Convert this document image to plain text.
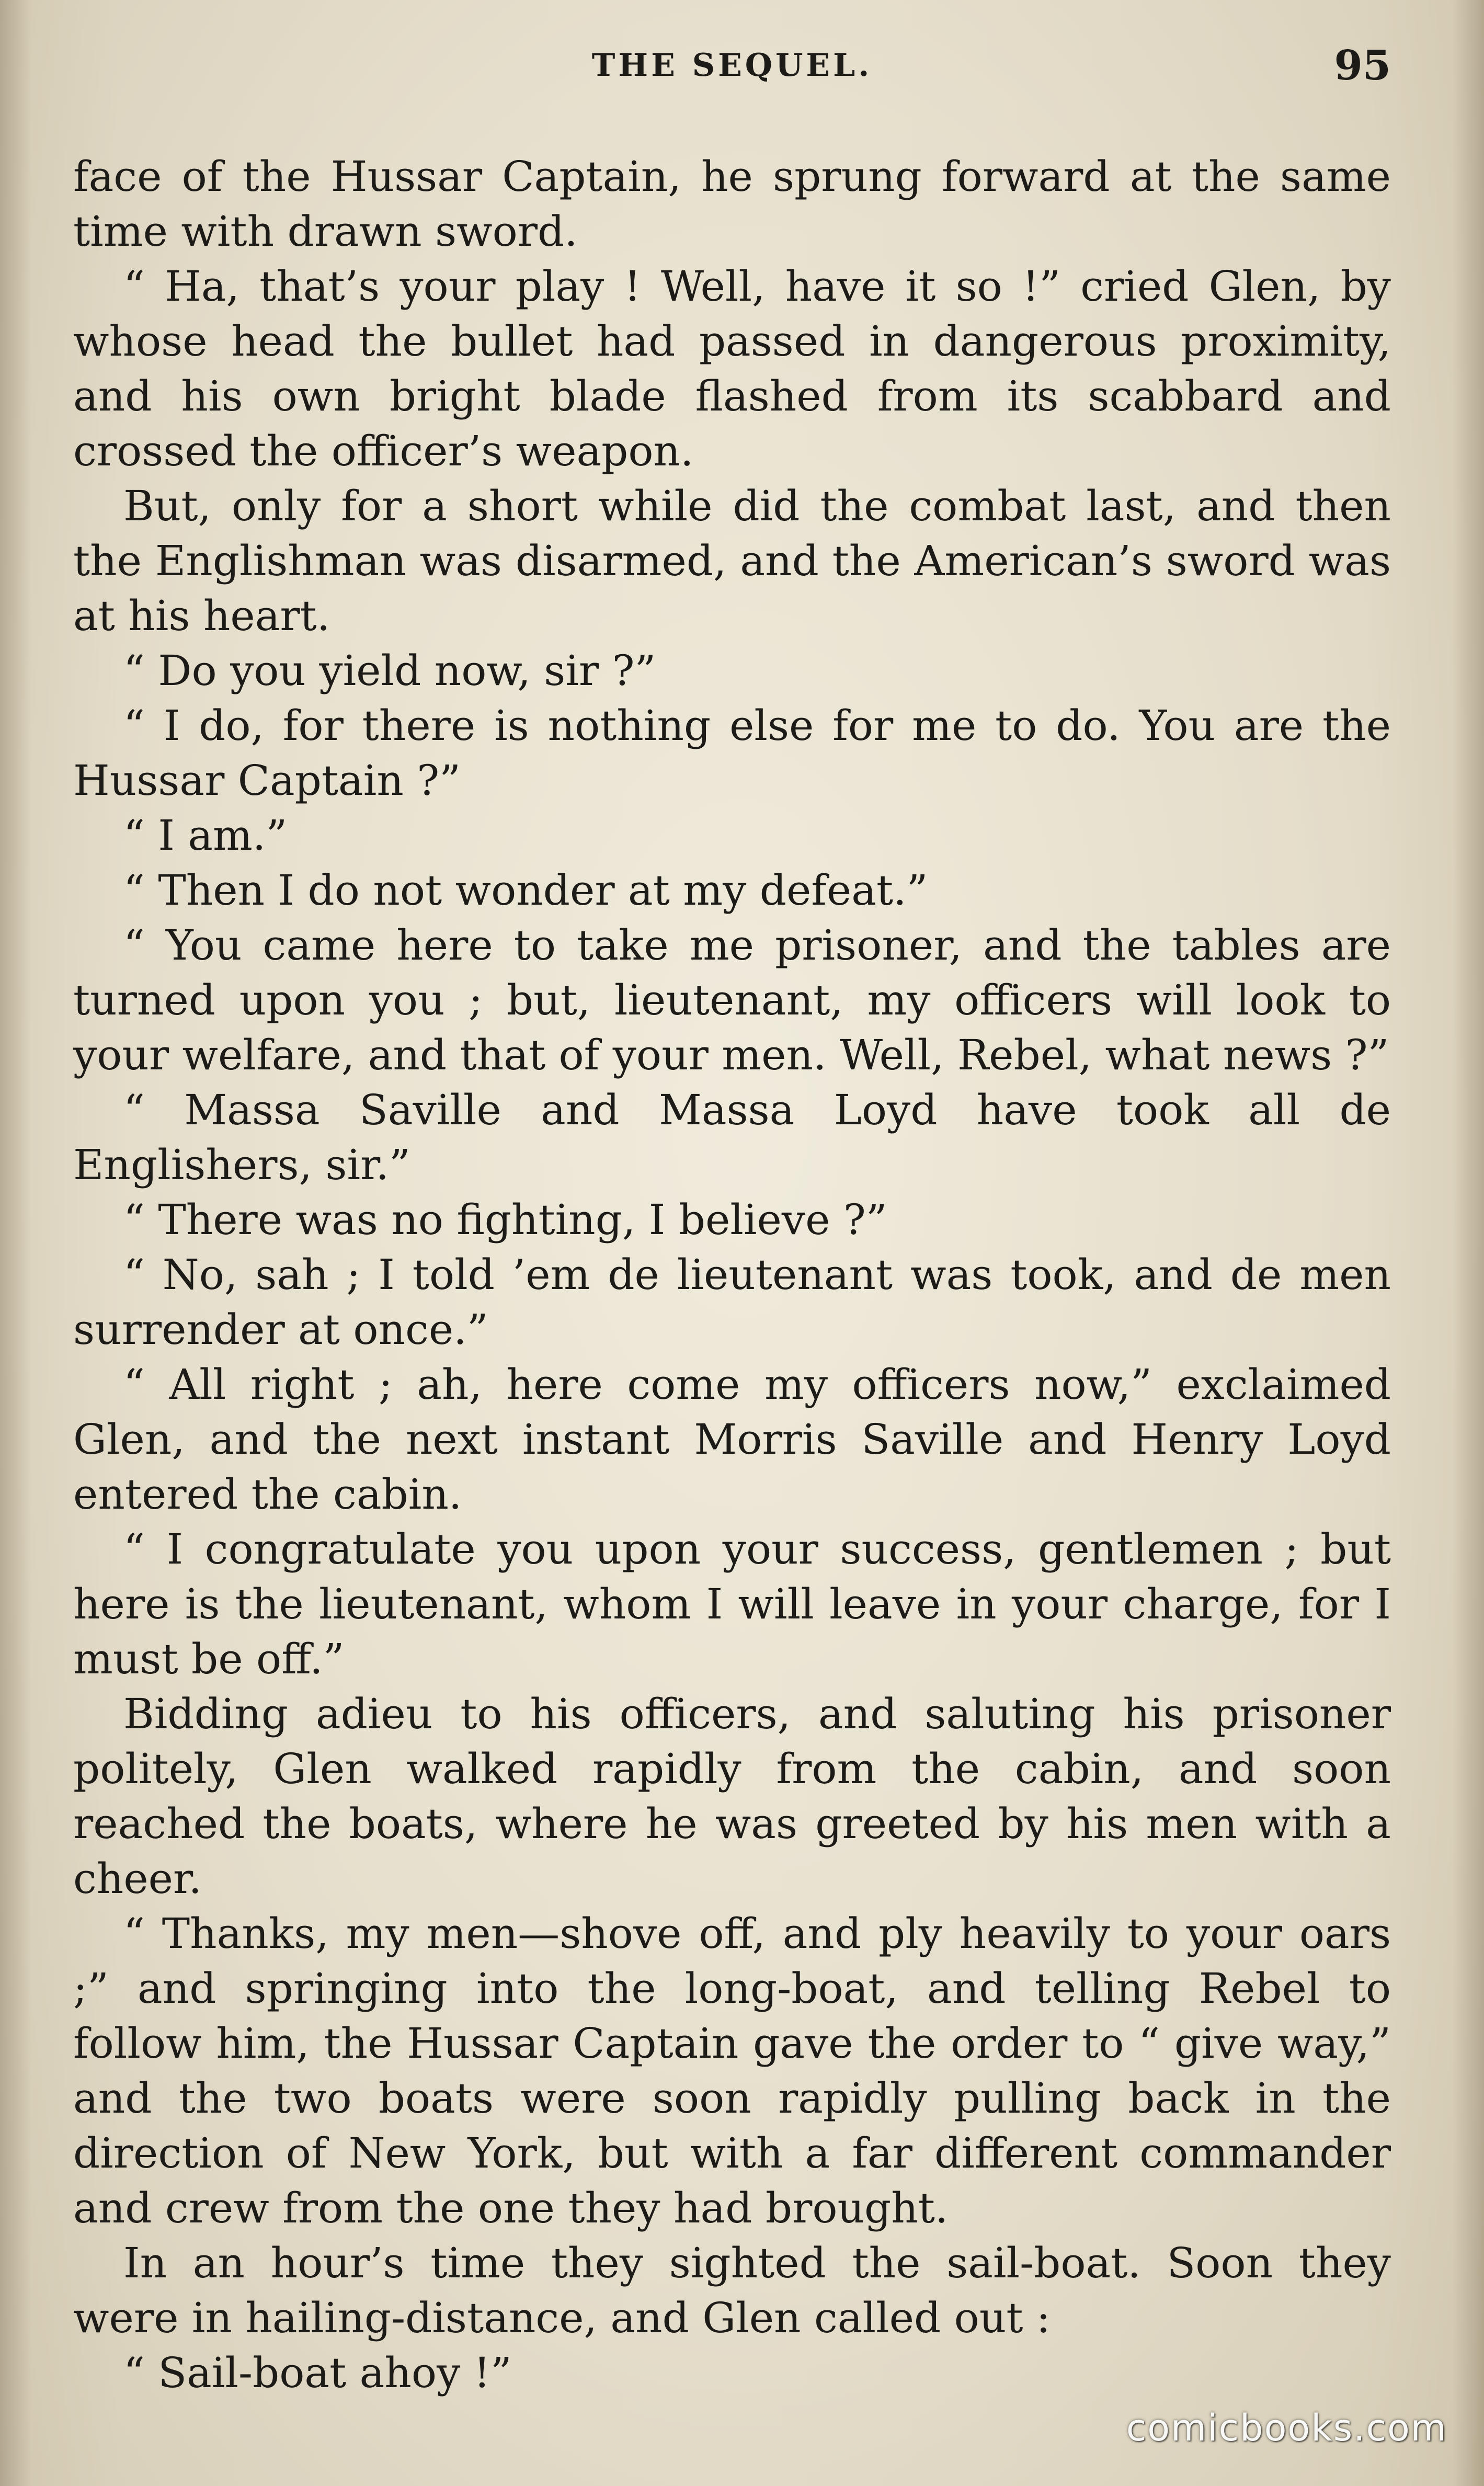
THE SEQUEL.	95

face of the Hussar Captain, he sprung forward at the same time with drawn sword.

“ Ha, that’s your play ! Well, have it so !” cried Glen, by whose head the bullet had passed in dangerous proximity, and his own bright blade flashed from its scabbard and crossed the officer’s weapon.

But, only for a short while did the combat last, and then the Englishman was disarmed, and the American’s sword was at his heart.

“ Do you yield now, sir ?”

“ I do, for there is nothing else for me to do. You are the Hussar Captain ?”

“ I am.”

“ Then I do not wonder at my defeat.”

“ You came here to take me prisoner, and the tables are turned upon you ; but, lieutenant, my officers will look to your welfare, and that of your men. Well, Rebel, what news ?”

“ Massa Saville and Massa Loyd have took all de Englishers, sir.”

“ There was no fighting, I believe ?”

“ No, sah ; I told ’em de lieutenant was took, and de men surrender at once.”

“ All right ; ah, here come my officers now,” exclaimed Glen, and the next instant Morris Saville and Henry Loyd entered the cabin.

“ I congratulate you upon your success, gentlemen ; but here is the lieutenant, whom I will leave in your charge, for I must be off.”

Bidding adieu to his officers, and saluting his prisoner politely, Glen walked rapidly from the cabin, and soon reached the boats, where he was greeted by his men with a cheer.

“ Thanks, my men—shove off, and ply heavily to your oars ;” and springing into the long-boat, and telling Rebel to follow him, the Hussar Captain gave the order to “ give way,” and the two boats were soon rapidly pulling back in the direction of New York, but with a far different commander and crew from the one they had brought.

In an hour’s time they sighted the sail-boat. Soon they were in hailing-distance, and Glen called out :

“ Sail-boat ahoy !”

comicbooks.com
